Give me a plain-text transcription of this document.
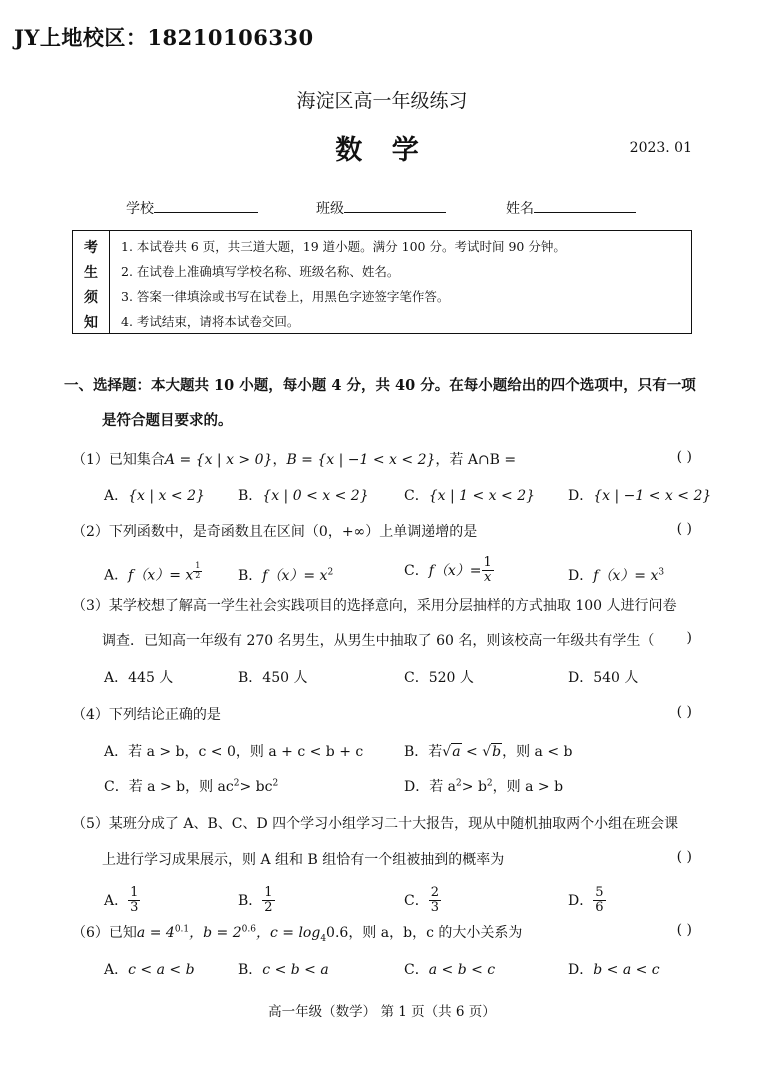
JY上地校区：18210106330
海淀区高一年级练习
数 学	2023. 01
学校	班级	姓名
考
生
须
知
1. 本试卷共 6 页，共三道大题，19 道小题。满分 100 分。考试时间 90 分钟。
2. 在试卷上准确填写学校名称、班级名称、姓名。
3. 答案一律填涂或书写在试卷上，用黑色字迹签字笔作答。
4. 考试结束，请将本试卷交回。
一、选择题：本大题共 10 小题，每小题 4 分，共 40 分。在每小题给出的四个选项中，只有一项
是符合题目要求的。
（1）已知集合A = {x | x > 0}，B = {x | −1 < x < 2}，若 A∩B =	( )
A．{x | x < 2} B．{x | 0 < x < 2}	C．{x | 1 < x < 2} D．{x | −1 < x < 2}
（2）下列函数中，是奇函数且在区间（0，+∞）上单调递增的是	( )
A．f（x）= x $^{\frac{1}{2}}$	B．$f(x)= x^2$	C．$f(x)= \frac{1}{x}$	D．$f(x)= x^3$
（3）某学校想了解高一学生社会实践项目的选择意向，采用分层抽样的方式抽取 100 人进行问卷
调查．已知高一年级有 270 名男生，从男生中抽取了 60 名，则该校高一年级共有学生（ )
A．445 人	B．450 人	C．520 人	D．540 人
（4）下列结论正确的是	( )
A．若 a > b，c < 0，则 a + c < b + c	B．若√a < √b，则 a < b
C．若 a > b，则 $ac^2> bc^2$	D．若 $a^2> b^2$，则 a > b
（5）某班分成了 A、B、C、D 四个学习小组学习二十大报告，现从中随机抽取两个小组在班会课
上进行学习成果展示，则 A 组和 B 组恰有一个组被抽到的概率为	( )
A． $\frac{1}{3}$	B． $\frac{1}{2}$	C． $\frac{2}{3}$	D． $\frac{5}{6}$
（6）已知$a = 4^{0.1}$，$b = 2^{0.6}$，$c = \log_40.6$，则 a，b，c 的大小关系为	( )
A．c < a < b	B．c < b < a	C．a < b < c	D．b < a < c
高一年级（数学） 第 1 页（共 6 页）
